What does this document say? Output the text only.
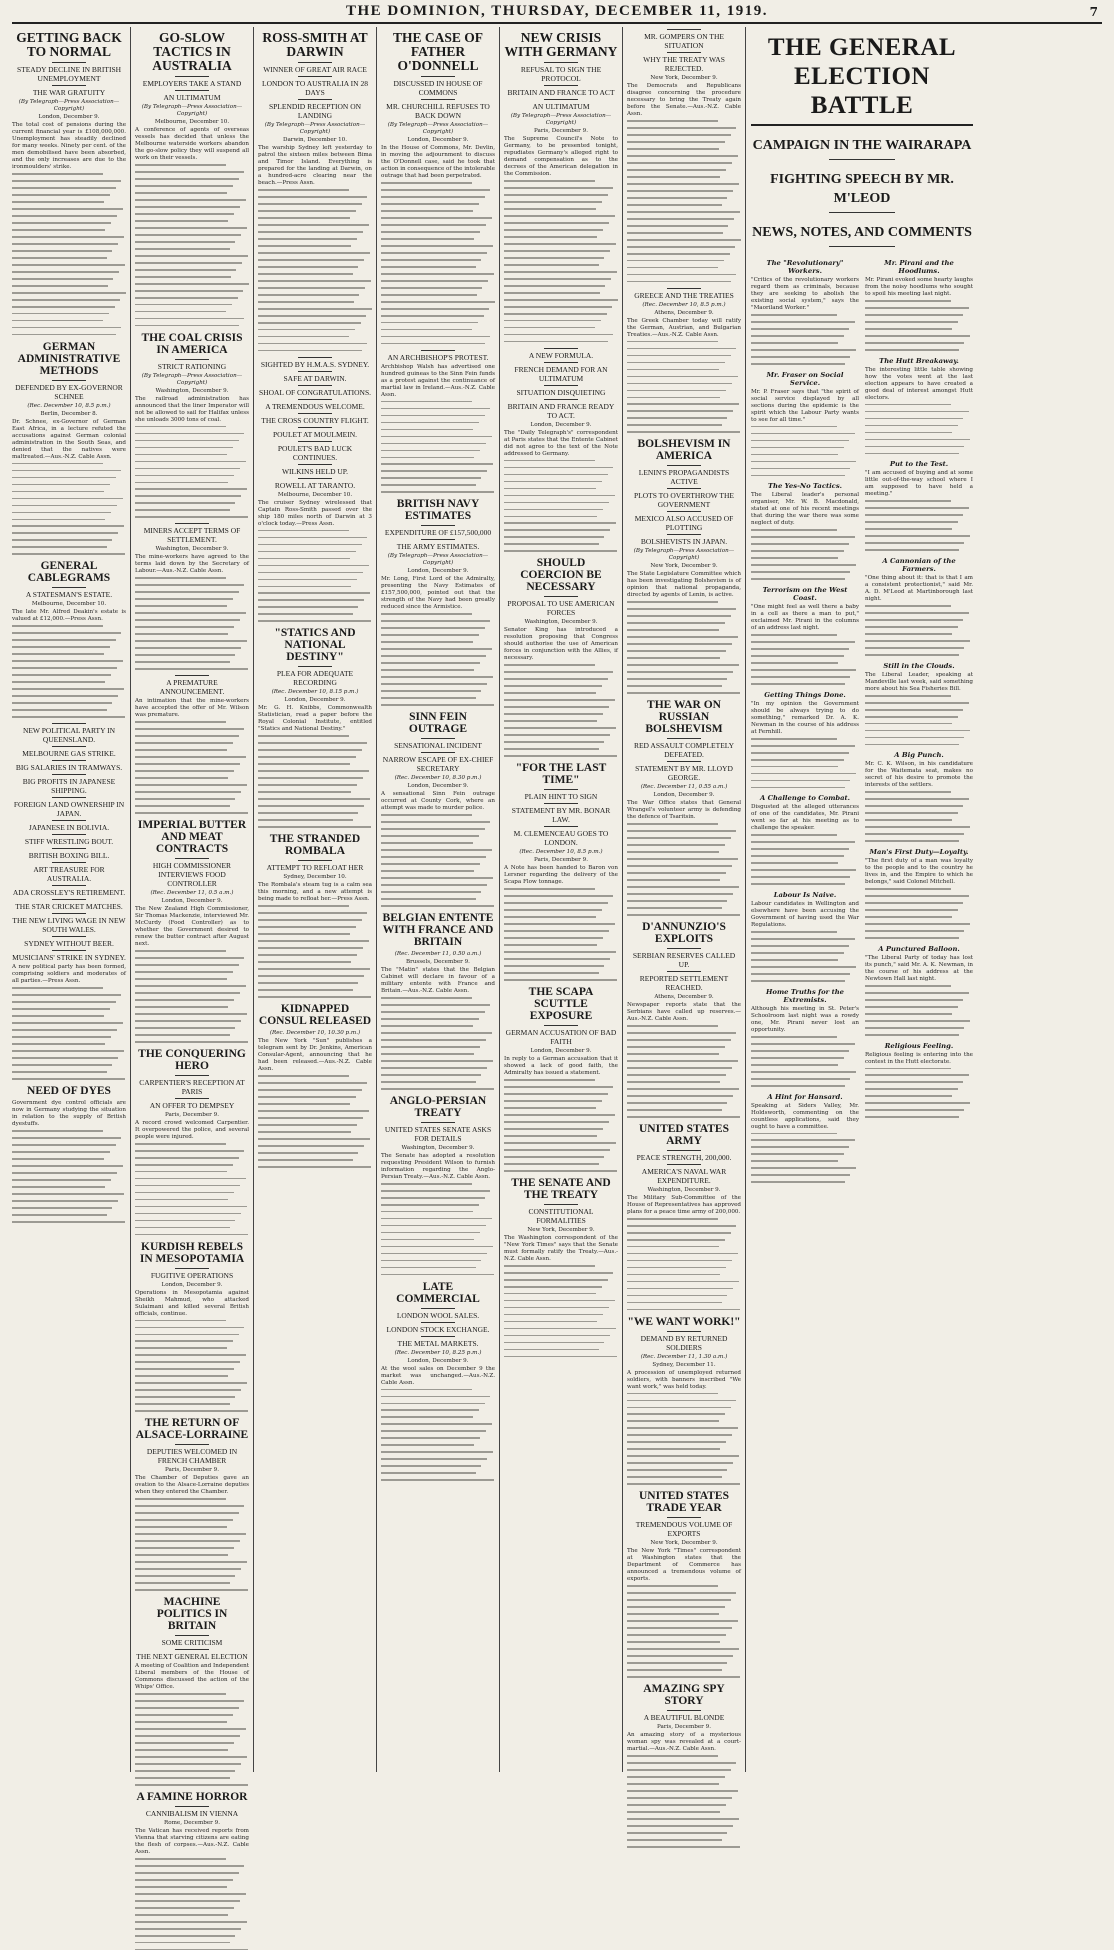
THE DOMINION, THURSDAY, DECEMBER 11, 1919.	7
GETTING BACK TO NORMAL
STEADY DECLINE IN BRITISH UNEMPLOYMENT
THE WAR GRATUITY
(By Telegraph—Press Association—Copyright)
London, December 9.

The total cost of pensions during the current financial year is £108,000,000. Unemployment has steadily declined for many weeks. Ninety per cent. of the men demobilised have been absorbed, and the only increases are due to the ironmoulders' strike.

GERMAN ADMINISTRATIVE METHODS
DEFENDED BY EX-GOVERNOR SCHNEE
(Rec. December 10, 8.5 p.m.)
Berlin, December 8.

Dr. Schnee, ex-Governor of German East Africa, in a lecture refuted the accusations against German colonial administration in the South Seas, and denied that the natives were maltreated.—Aus.-N.Z. Cable Assn.

GENERAL CABLEGRAMS
A STATESMAN'S ESTATE.
Melbourne, December 10.

The late Mr. Alfred Deakin's estate is valued at £12,000.—Press Assn.

NEW POLITICAL PARTY IN QUEENSLAND.
MELBOURNE GAS STRIKE.
BIG SALARIES IN TRAMWAYS.
BIG PROFITS IN JAPANESE SHIPPING.
FOREIGN LAND OWNERSHIP IN JAPAN.
JAPANESE IN BOLIVIA.
STIFF WRESTLING BOUT.
BRITISH BOXING BILL.
ART TREASURE FOR AUSTRALIA.
ADA CROSSLEY'S RETIREMENT.
THE STAR CRICKET MATCHES.
THE NEW LIVING WAGE IN NEW SOUTH WALES.
SYDNEY WITHOUT BEER.
MUSICIANS' STRIKE IN SYDNEY.

A new political party has been formed, comprising soldiers and moderates of all parties.—Press Assn.

NEED OF DYES

Government dye control officials are now in Germany studying the situation in relation to the supply of British dyestuffs.

GO-SLOW TACTICS IN AUSTRALIA
EMPLOYERS TAKE A STAND
AN ULTIMATUM
(By Telegraph—Press Association—Copyright)
Melbourne, December 10.

A conference of agents of overseas vessels has decided that unless the Melbourne waterside workers abandon the go-slow policy they will suspend all work on their vessels.

THE COAL CRISIS IN AMERICA
STRICT RATIONING
(By Telegraph—Press Association—Copyright)
Washington, December 9.

The railroad administration has announced that the liner Imperator will not be allowed to sail for Halifax unless she unloads 3000 tons of coal.

MINERS ACCEPT TERMS OF SETTLEMENT.
Washington, December 9.

The mine-workers have agreed to the terms laid down by the Secretary of Labour.—Aus.-N.Z. Cable Assn.

A PREMATURE ANNOUNCEMENT.

An intimation that the mine-workers have accepted the offer of Mr. Wilson was premature.

IMPERIAL BUTTER AND MEAT CONTRACTS
HIGH COMMISSIONER INTERVIEWS FOOD CONTROLLER
(Rec. December 11, 0.5 a.m.)
London, December 9.

The New Zealand High Commissioner, Sir Thomas Mackenzie, interviewed Mr. McCurdy (Food Controller) as to whether the Government desired to renew the butter contract after August next.

THE CONQUERING HERO
CARPENTIER'S RECEPTION AT PARIS
AN OFFER TO DEMPSEY
Paris, December 9.

A record crowd welcomed Carpentier. It overpowered the police, and several people were injured.

KURDISH REBELS IN MESOPOTAMIA
FUGITIVE OPERATIONS
London, December 9.

Operations in Mesopotamia against Sheikh Mahmud, who attacked Sulaimani and killed several British officials, continue.

THE RETURN OF ALSACE-LORRAINE
DEPUTIES WELCOMED IN FRENCH CHAMBER
Paris, December 9.

The Chamber of Deputies gave an ovation to the Alsace-Lorraine deputies when they entered the Chamber.

MACHINE POLITICS IN BRITAIN
SOME CRITICISM
THE NEXT GENERAL ELECTION

A meeting of Coalition and Independent Liberal members of the House of Commons discussed the action of the Whips' Office.

A FAMINE HORROR
CANNIBALISM IN VIENNA
Rome, December 9.

The Vatican has received reports from Vienna that starving citizens are eating the flesh of corpses.—Aus.-N.Z. Cable Assn.

ROSS-SMITH AT DARWIN
WINNER OF GREAT AIR RACE
LONDON TO AUSTRALIA IN 28 DAYS
SPLENDID RECEPTION ON LANDING
(By Telegraph—Press Association—Copyright)
Darwin, December 10.

The warship Sydney left yesterday to patrol the sixteen miles between Bima and Timor Island. Everything is prepared for the landing at Darwin, on a hundred-acre clearing near the beach.—Press Assn.

SIGHTED BY H.M.A.S. SYDNEY.
SAFE AT DARWIN.
SHOAL OF CONGRATULATIONS.
A TREMENDOUS WELCOME.
THE CROSS COUNTRY FLIGHT.
POULET AT MOULMEIN.
POULET'S BAD LUCK CONTINUES.
WILKINS HELD UP.
ROWELL AT TARANTO.
Melbourne, December 10.

The cruiser Sydney wirelessed that Captain Ross-Smith passed over the ship 180 miles north of Darwin at 3 o'clock today.—Press Assn.

"STATICS AND NATIONAL DESTINY"
PLEA FOR ADEQUATE RECORDING
(Rec. December 10, 8.15 p.m.)
London, December 9.

Mr. G. H. Knibbs, Commonwealth Statistician, read a paper before the Royal Colonial Institute, entitled "Statics and National Destiny."

THE STRANDED ROMBALA
ATTEMPT TO REFLOAT HER
Sydney, December 10.

The Rombala's steam tug is a calm sea this morning, and a new attempt is being made to refloat her.—Press Assn.

KIDNAPPED CONSUL RELEASED
(Rec. December 10, 10.30 p.m.)

The New York "Sun" publishes a telegram sent by Dr. Jenkins, American Consular-Agent, announcing that he had been released.—Aus.-N.Z. Cable Assn.

THE CASE OF FATHER O'DONNELL
DISCUSSED IN HOUSE OF COMMONS
MR. CHURCHILL REFUSES TO BACK DOWN
(By Telegraph—Press Association—Copyright)
London, December 9.

In the House of Commons, Mr. Devlin, in moving the adjournment to discuss the O'Donnell case, said he took that action in consequence of the intolerable outrage that had been perpetrated.

AN ARCHBISHOP'S PROTEST.

Archbishop Walsh has advertised one hundred guineas to the Sinn Fein funds as a protest against the continuance of martial law in Ireland.—Aus.-N.Z. Cable Assn.

BRITISH NAVY ESTIMATES
EXPENDITURE OF £157,500,000
THE ARMY ESTIMATES.
(By Telegraph—Press Association—Copyright)
London, December 9.

Mr. Long, First Lord of the Admiralty, presenting the Navy Estimates of £157,500,000, pointed out that the strength of the Navy had been greatly reduced since the Armistice.

SINN FEIN OUTRAGE
SENSATIONAL INCIDENT
NARROW ESCAPE OF EX-CHIEF SECRETARY
(Rec. December 10, 8.30 p.m.)
London, December 9.

A sensational Sinn Fein outrage occurred at County Cork, where an attempt was made to murder police.

BELGIAN ENTENTE WITH FRANCE AND BRITAIN
(Rec. December 11, 0.50 a.m.)
Brussels, December 9.

The "Matin" states that the Belgian Cabinet will declare in favour of a military entente with France and Britain.—Aus.-N.Z. Cable Assn.

ANGLO-PERSIAN TREATY
UNITED STATES SENATE ASKS FOR DETAILS
Washington, December 9.

The Senate has adopted a resolution requesting President Wilson to furnish information regarding the Anglo-Persian Treaty.—Aus.-N.Z. Cable Assn.

LATE COMMERCIAL
LONDON WOOL SALES.
LONDON STOCK EXCHANGE.
THE METAL MARKETS.
(Rec. December 10, 8.25 p.m.)
London, December 9.

At the wool sales on December 9 the market was unchanged.—Aus.-N.Z. Cable Assn.

NEW CRISIS WITH GERMANY
REFUSAL TO SIGN THE PROTOCOL
BRITAIN AND FRANCE TO ACT
AN ULTIMATUM
(By Telegraph—Press Association—Copyright)
Paris, December 9.

The Supreme Council's Note to Germany, to be presented tonight, repudiates Germany's alleged right to demand compensation as to the decrees of the American delegation in the Commission.

A NEW FORMULA.
FRENCH DEMAND FOR AN ULTIMATUM
SITUATION DISQUIETING
BRITAIN AND FRANCE READY TO ACT.
London, December 9.

The "Daily Telegraph's" correspondent at Paris states that the Entente Cabinet did not agree to the text of the Note addressed to Germany.

SHOULD COERCION BE NECESSARY
PROPOSAL TO USE AMERICAN FORCES
Washington, December 9.

Senator King has introduced a resolution proposing that Congress should authorise the use of American forces in conjunction with the Allies, if necessary.

"FOR THE LAST TIME"
PLAIN HINT TO SIGN
STATEMENT BY MR. BONAR LAW.
M. CLEMENCEAU GOES TO LONDON.
(Rec. December 10, 8.5 p.m.)
Paris, December 9.

A Note has been handed to Baron von Lersner regarding the delivery of the Scapa Flow tonnage.

THE SCAPA SCUTTLE EXPOSURE
GERMAN ACCUSATION OF BAD FAITH
London, December 9.

In reply to a German accusation that it showed a lack of good faith, the Admiralty has issued a statement.

THE SENATE AND THE TREATY
CONSTITUTIONAL FORMALITIES
New York, December 9.

The Washington correspondent of the "New York Times" says that the Senate must formally ratify the Treaty.—Aus.-N.Z. Cable Assn.

MR. GOMPERS ON THE SITUATION
WHY THE TREATY WAS REJECTED.
New York, December 9.

The Democrats and Republicans disagree concerning the procedure necessary to bring the Treaty again before the Senate.—Aus.-N.Z. Cable Assn.

GREECE AND THE TREATIES
(Rec. December 10, 8.5 p.m.)
Athens, December 9.

The Greek Chamber today will ratify the German, Austrian, and Bulgarian Treaties.—Aus.-N.Z. Cable Assn.

BOLSHEVISM IN AMERICA
LENIN'S PROPAGANDISTS ACTIVE
PLOTS TO OVERTHROW THE GOVERNMENT
MEXICO ALSO ACCUSED OF PLOTTING
BOLSHEVISTS IN JAPAN.
(By Telegraph—Press Association—Copyright)
New York, December 9.

The State Legislature Committee which has been investigating Bolshevism is of opinion that national propaganda, directed by agents of Lenin, is active.

THE WAR ON RUSSIAN BOLSHEVISM
RED ASSAULT COMPLETELY DEFEATED.
STATEMENT BY MR. LLOYD GEORGE.
(Rec. December 11, 0.55 a.m.)
London, December 9.

The War Office states that General Wrangel's volunteer army is defending the defence of Tsaritsin.

D'ANNUNZIO'S EXPLOITS
SERBIAN RESERVES CALLED UP.
REPORTED SETTLEMENT REACHED.
Athens, December 9.

Newspaper reports state that the Serbians have called up reserves.—Aus.-N.Z. Cable Assn.

UNITED STATES ARMY
PEACE STRENGTH, 200,000.
AMERICA'S NAVAL WAR EXPENDITURE.
Washington, December 9.

The Military Sub-Committee of the House of Representatives has approved plans for a peace time army of 200,000.

"WE WANT WORK!"
DEMAND BY RETURNED SOLDIERS
(Rec. December 11, 1.30 a.m.)
Sydney, December 11.

A procession of unemployed returned soldiers, with banners inscribed "We want work," was held today.

UNITED STATES TRADE YEAR
TREMENDOUS VOLUME OF EXPORTS
New York, December 9.

The New York "Times" correspondent at Washington states that the Department of Commerce has announced a tremendous volume of exports.

AMAZING SPY STORY
A BEAUTIFUL BLONDE
Paris, December 9.

An amazing story of a mysterious woman spy was revealed at a court-martial.—Aus.-N.Z. Cable Assn.

THE GENERAL ELECTION BATTLE
CAMPAIGN IN THE WAIRARAPA
FIGHTING SPEECH BY MR. M'LEOD
NEWS, NOTES, AND COMMENTS
The "Revolutionary" Workers.

"Critics of the revolutionary workers regard them as criminals, because they are seeking to abolish the existing social system," says the "Maoriland Worker."

Mr. Fraser on Social Service.

Mr. P. Fraser says that "the spirit of social service displayed by all sections during the epidemic is the spirit which the Labour Party wants to see for all time."

The Yes-No Tactics.

The Liberal leader's personal organiser, Mr. W. B. Macdonald, stated at one of his recent meetings that during the war there was some neglect of duty.

Terrorism on the West Coast.

"One might feel as well there a baby in a cell as there a man to put," exclaimed Mr. Pirani in the columns of an address last night.

Getting Things Done.

"In my opinion the Government should be always trying to do something," remarked Dr. A. K. Newman in the course of his address at Fernhill.

A Challenge to Combat.

Disgusted at the alleged utterances of one of the candidates, Mr. Pirani went so far at his meeting as to challenge the speaker.

Labour Is Naive.

Labour candidates in Wellington and elsewhere have been accusing the Government of having used the War Regulations.

Home Truths for the Extremists.

Although his meeting in St. Peter's Schoolroom last night was a rowdy one, Mr. Pirani never lost an opportunity.

A Hint for Hansard.

Speaking at Siders Valley, Mr. Holdsworth, commenting on the countless applications, said they ought to have a committee.

Mr. Pirani and the Hoodlums.

Mr. Pirani evoked some hearty laughs from the noisy hoodlums who sought to spoil his meeting last night.

The Hutt Breakaway.

The interesting little table showing how the votes went at the last election appears to have created a good deal of interest amongst Hutt electors.

Put to the Test.

"I am accused of buying and at some little out-of-the-way school where I am supposed to have held a meeting."

A Cannonian of the Farmers.

"One thing about it: that is that I am a consistent protectionist," said Mr. A. D. M'Leod at Martinborough last night.

Still in the Clouds.

The Liberal Leader, speaking at Mandeville last week, said something more about his Sea Fisheries Bill.

A Big Punch.

Mr. C. K. Wilson, in his candidature for the Waitemata seat, makes no secret of his desire to promote the interests of the settlers.

Man's First Duty—Loyalty.

"The first duty of a man was loyalty to the people and to the country he lives in, and the Empire to which he belongs," said Colonel Mitchell.

A Punctured Balloon.

"The Liberal Party of today has lost its punch," said Mr. A. K. Newman, in the course of his address at the Newtown Hall last night.

Religious Feeling.

Religious feeling is entering into the contest in the Hutt electorate.
